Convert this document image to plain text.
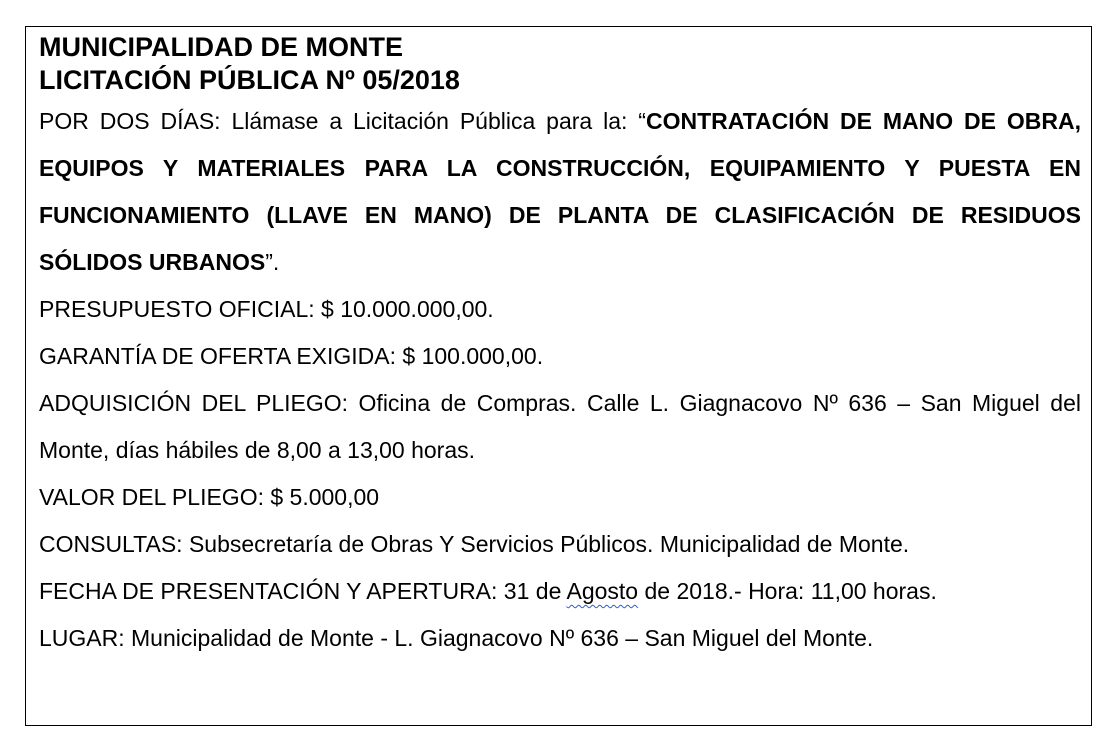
MUNICIPALIDAD DE MONTE
LICITACIÓN PÚBLICA Nº 05/2018

POR DOS DÍAS: Llámase a Licitación Pública para la: “CONTRATACIÓN DE MANO DE OBRA, EQUIPOS Y MATERIALES PARA LA CONSTRUCCIÓN, EQUIPAMIENTO Y PUESTA EN FUNCIONAMIENTO (LLAVE EN MANO) DE PLANTA DE CLASIFICACIÓN DE RESIDUOS SÓLIDOS URBANOS”.

PRESUPUESTO OFICIAL: $ 10.000.000,00.

GARANTÍA DE OFERTA EXIGIDA: $ 100.000,00.

ADQUISICIÓN DEL PLIEGO: Oficina de Compras. Calle L. Giagnacovo Nº 636 – San Miguel del Monte, días hábiles de 8,00 a 13,00 horas.

VALOR DEL PLIEGO: $ 5.000,00

CONSULTAS: Subsecretaría de Obras Y Servicios Públicos. Municipalidad de Monte.

FECHA DE PRESENTACIÓN Y APERTURA: 31 de Agosto de 2018.- Hora: 11,00 horas.

LUGAR: Municipalidad de Monte - L. Giagnacovo Nº 636 – San Miguel del Monte.
